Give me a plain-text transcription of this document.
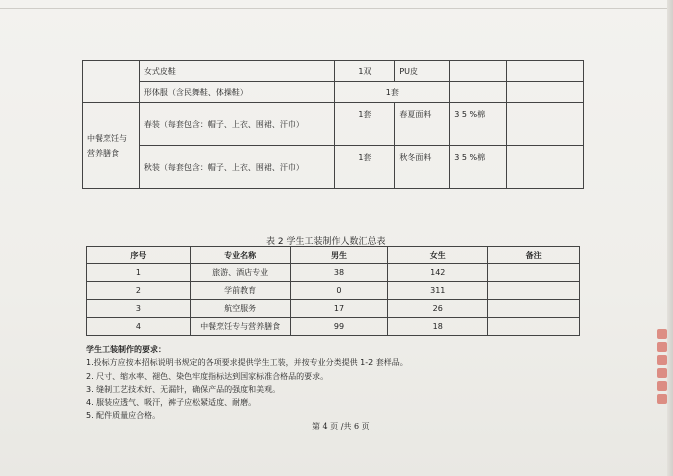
	女式皮鞋	1双	PU皮		
	形体服（含民舞鞋、体操鞋）	1套			
中餐烹饪与营养膳食	春装（每套包含：帽子、上衣、围裙、汗巾）	1套	春夏面料	3 5 %棉	
	秋装（每套包含：帽子、上衣、围裙、汗巾）	1套	秋冬面料	3 5 %棉	
表 2 学生工装制作人数汇总表
序号	专业名称	男生	女生	备注
1	旅游、酒店专业	38	142	
2	学前教育	0	311	
3	航空服务	17	26	
4	中餐烹饪专与营养膳食	99	18	
学生工装制作的要求：
1.投标方应按本招标说明书规定的各项要求提供学生工装，并按专业分类提供 1-2 套样品。
2. 尺寸、缩水率、褪色、染色牢度指标达到国家标准合格品的要求。
3. 缝制工艺技术好、无漏针，确保产品的强度和美观。
4. 服装应透气、吸汗，裤子应松紧适度、耐磨。
5. 配件质量应合格。
第 4 页 /共 6 页
